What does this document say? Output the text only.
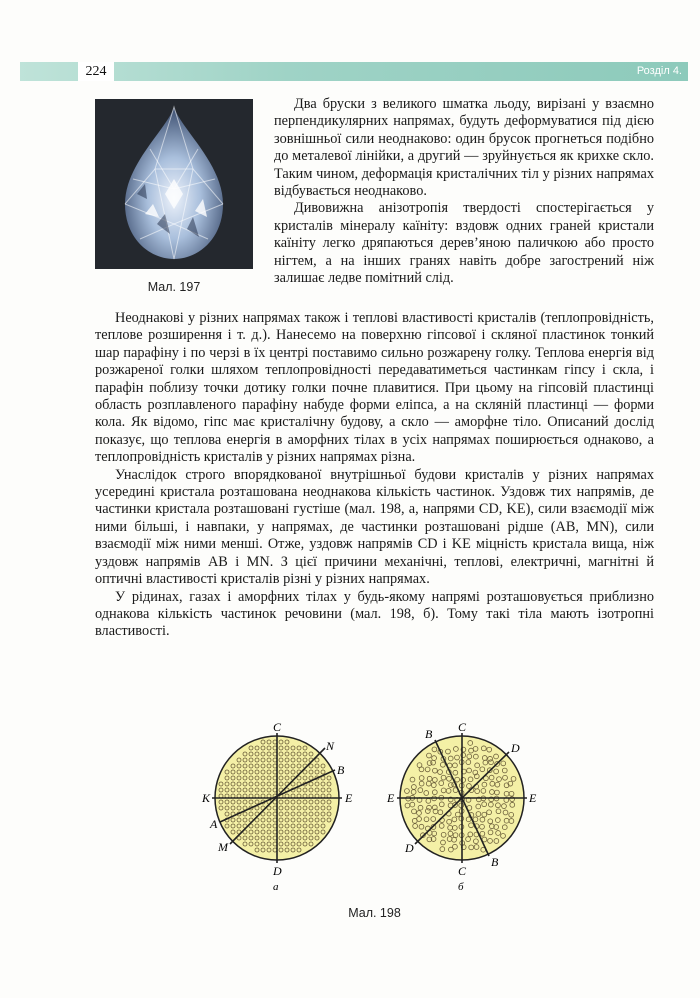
224	Розділ 4.
Мал. 197

Два бруски з великого шматка льоду, вирізані у взаємно перпендикулярних напрямах, будуть деформуватися під дією зовнішньої сили неоднаково: один брусок прогнеться подібно до металевої лінійки, а другий — зруйнується як крихке скло. Таким чином, деформація кристалічних тіл у різних напрямах відбувається неоднаково.

Дивовижна анізотропія твердості спостерігається у кристалів мінералу каїніту: вздовж одних граней кристали каїніту легко дряпаються дерев’яною паличкою або просто нігтем, а на інших гранях навіть добре загострений ніж залишає ледве помітний слід.

Неоднакові у різних напрямах також і теплові властивості кристалів (теплопровідність, теплове розширення і т. д.). Нанесемо на поверхню гіпсової і скляної пластинок тонкий шар парафіну і по черзі в їх центрі поставимо сильно розжарену голку. Теплова енергія від розжареної голки шляхом теплопровідності передаватиметься частинкам гіпсу і скла, і парафін поблизу точки дотику голки почне плавитися. При цьому на гіпсовій пластинці область розплавленого парафіну набуде форми еліпса, а на скляній пластинці — форми кола. Як відомо, гіпс має кристалічну будову, а скло — аморфне тіло. Описаний дослід показує, що теплова енергія в аморфних тілах в усіх напрямах поширюється однаково, а теплопровідність кристалів у різних напрямах різна.

Унаслідок строго впорядкованої внутрішньої будови кристалів у різних напрямах усередині кристала розташована неоднакова кількість частинок. Уздовж тих напрямів, де частинки кристала розташовані густіше (мал. 198, а, напрями CD, KE), сили взаємодії між ними більші, і навпаки, у напрямах, де частинки розташовані рідше (AB, MN), сили взаємодії між ними менші. Отже, уздовж напрямів CD і KE міцність кристала вища, ніж уздовж напрямів AB і MN. З цієї причини механічні, теплові, електричні, магнітні й оптичні властивості кристалів різні у різних напрямах.

У рідинах, газах і аморфних тілах у будь-якому напрямі розташовується приблизно однакова кількість частинок речовини (мал. 198, б). Тому такі тіла мають ізотропні властивості.

C
D
K	E
A
B
M
N
а
B C
D
E	E
D
C
B
б
Мал. 198
